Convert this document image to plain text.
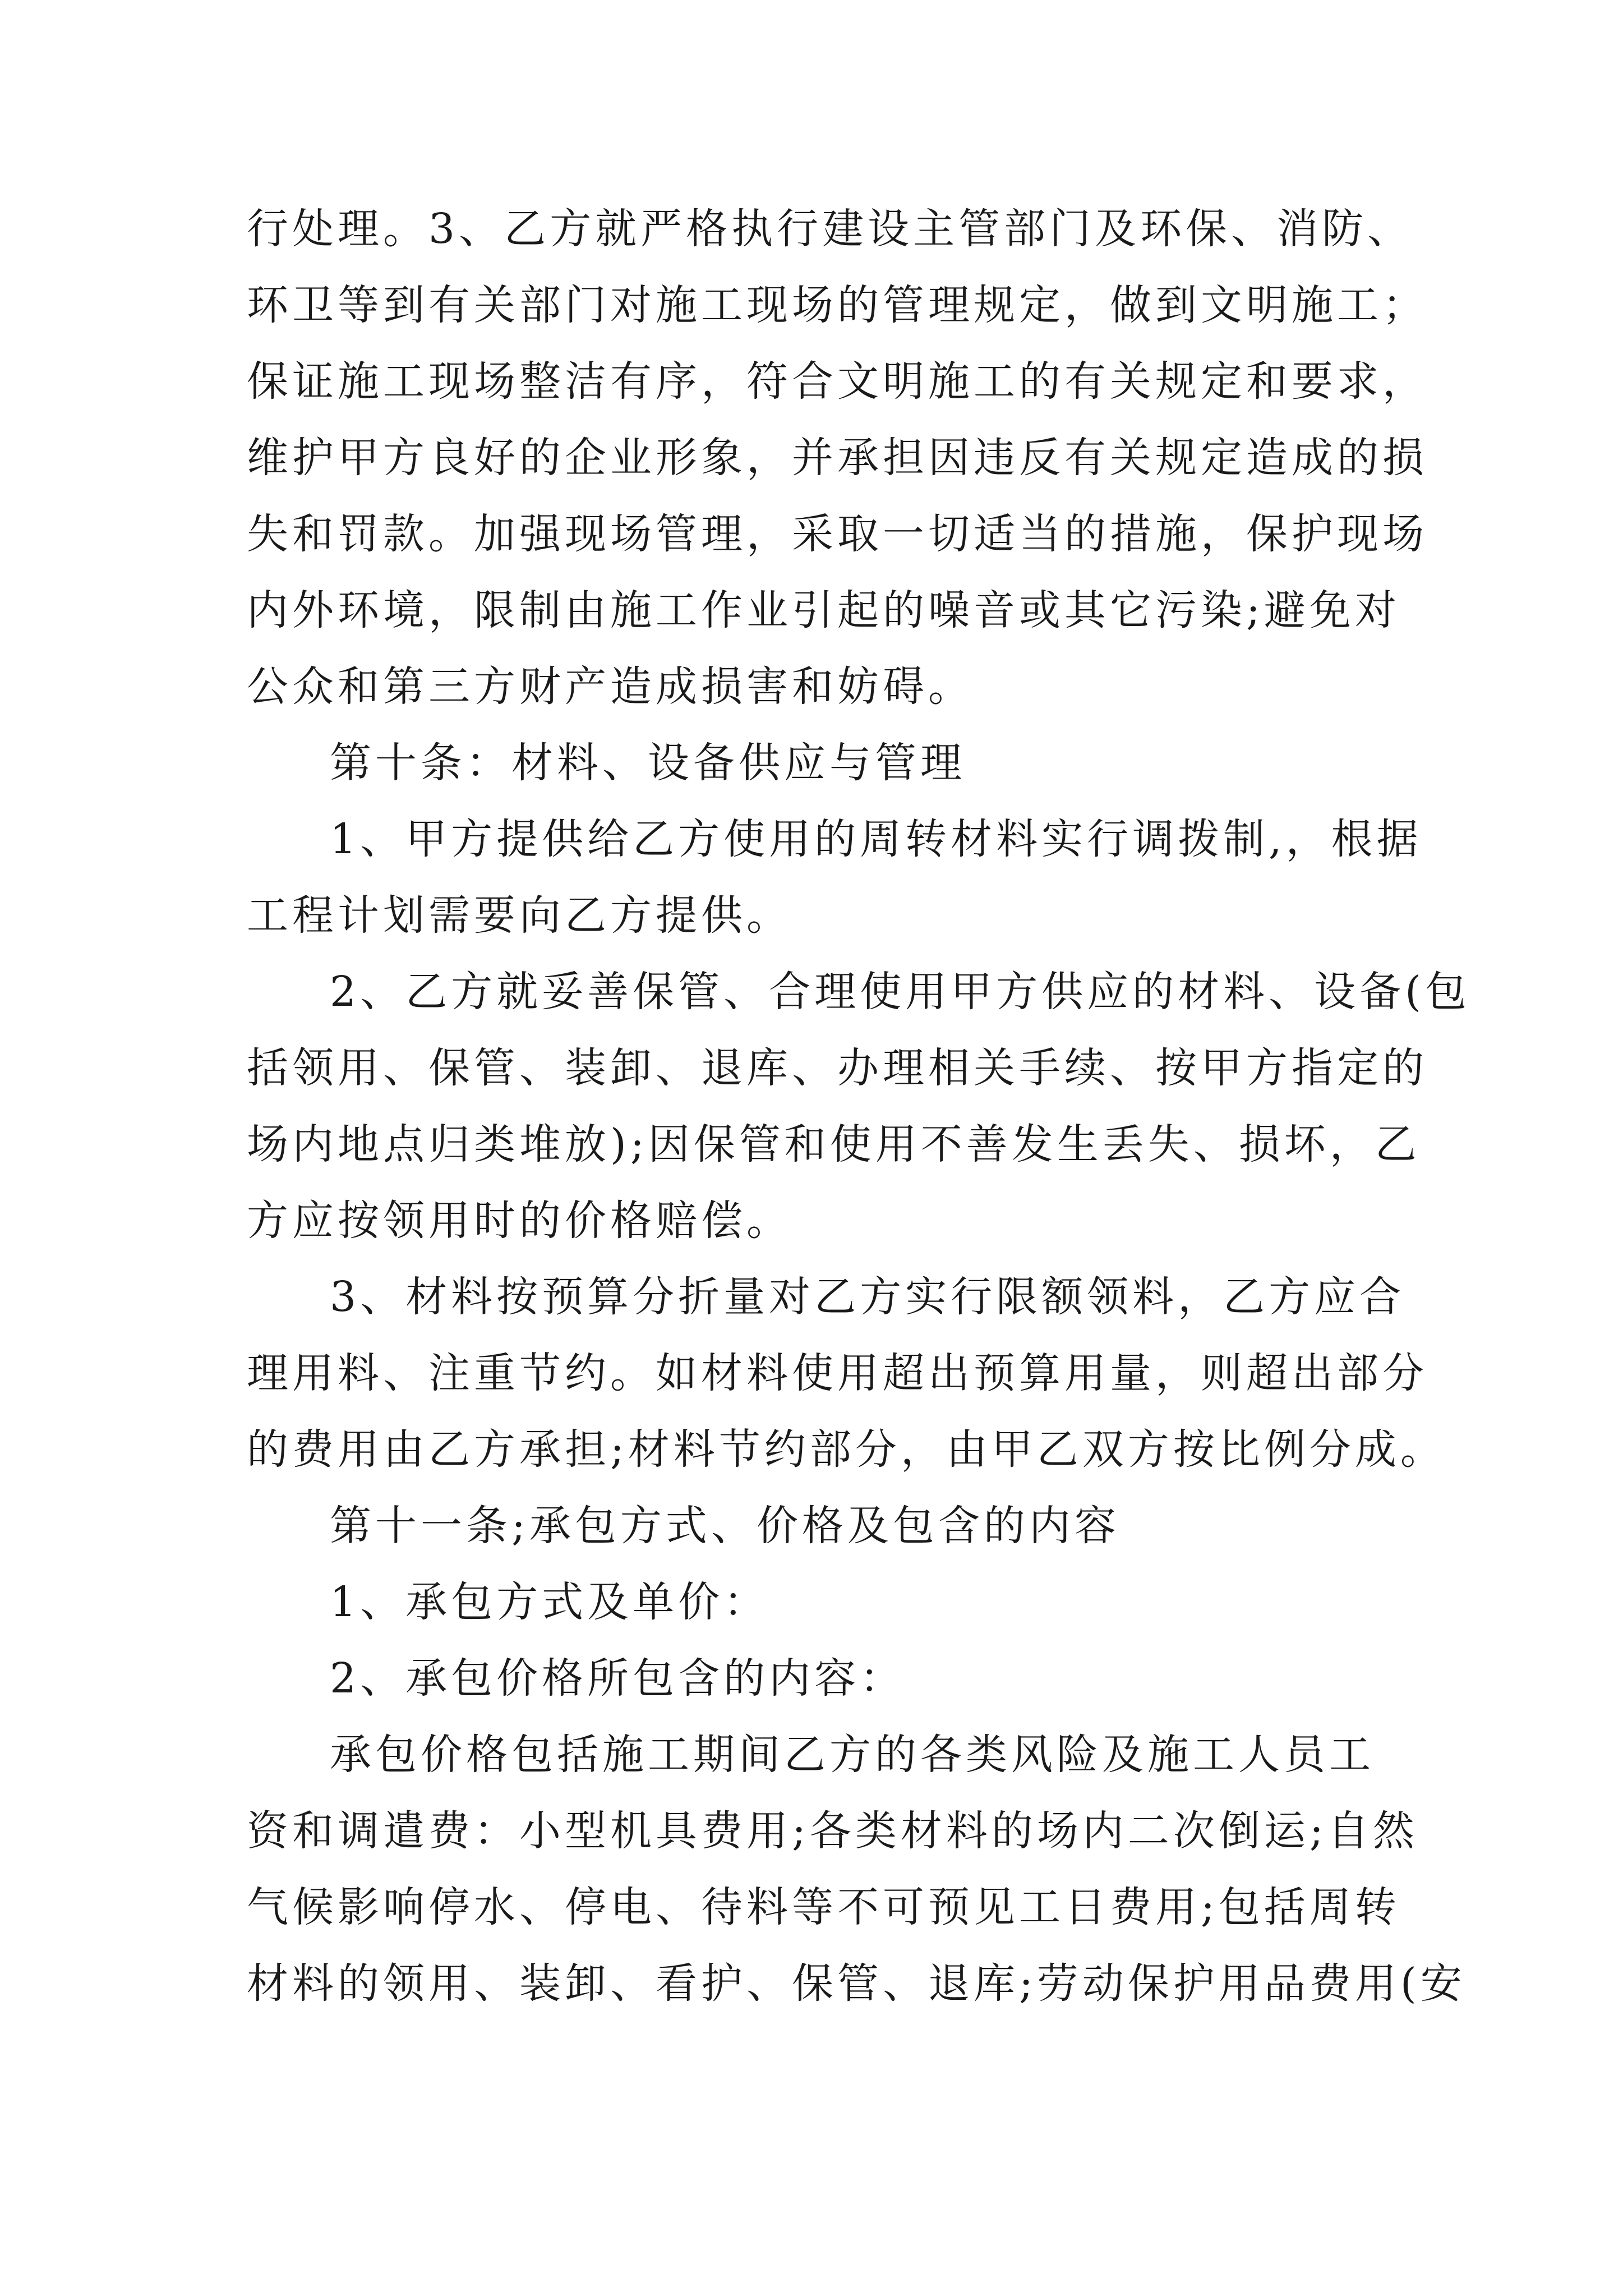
行处理。3、乙方就严格执行建设主管部门及环保、消防、
环卫等到有关部门对施工现场的管理规定，做到文明施工；
保证施工现场整洁有序，符合文明施工的有关规定和要求，
维护甲方良好的企业形象，并承担因违反有关规定造成的损
失和罚款。加强现场管理，采取一切适当的措施，保护现场
内外环境，限制由施工作业引起的噪音或其它污染;避免对
公众和第三方财产造成损害和妨碍。
第十条：材料、设备供应与管理
1、甲方提供给乙方使用的周转材料实行调拨制,，根据
工程计划需要向乙方提供。
2、乙方就妥善保管、合理使用甲方供应的材料、设备(包
括领用、保管、装卸、退库、办理相关手续、按甲方指定的
场内地点归类堆放);因保管和使用不善发生丢失、损坏，乙
方应按领用时的价格赔偿。
3、材料按预算分折量对乙方实行限额领料，乙方应合
理用料、注重节约。如材料使用超出预算用量，则超出部分
的费用由乙方承担;材料节约部分，由甲乙双方按比例分成。
第十一条;承包方式、价格及包含的内容
1、承包方式及单价：
2、承包价格所包含的内容：
承包价格包括施工期间乙方的各类风险及施工人员工
资和调遣费：小型机具费用;各类材料的场内二次倒运;自然
气候影响停水、停电、待料等不可预见工日费用;包括周转
材料的领用、装卸、看护、保管、退库;劳动保护用品费用(安
